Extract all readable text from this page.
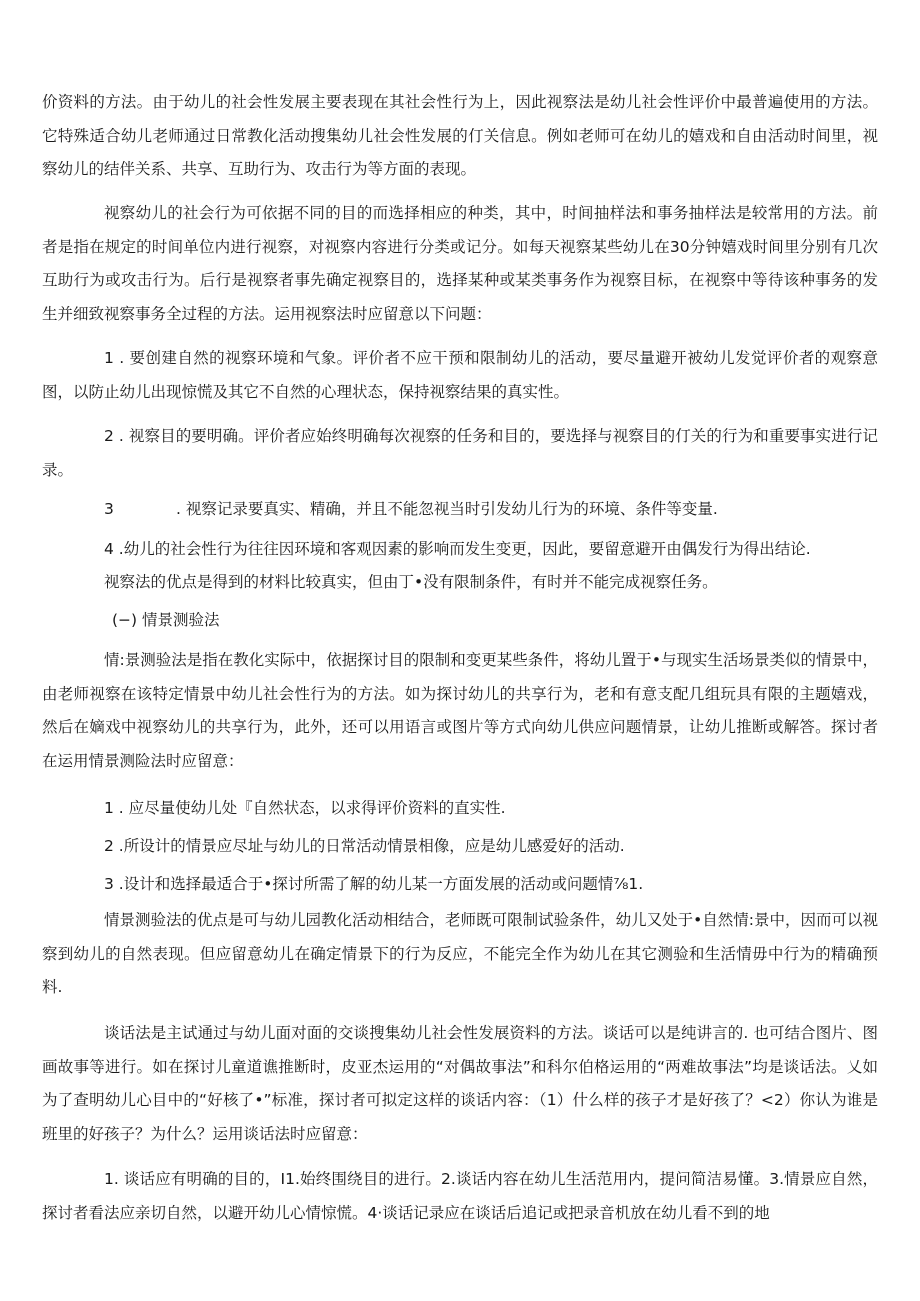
价资料的方法。由于幼儿的社会性发展主要表现在其社会性行为上，因此视察法是幼儿社会性评价中最普遍使用的方法。它特殊适合幼儿老师通过日常教化活动搜集幼儿社会性发展的仃关信息。例如老师可在幼儿的嬉戏和自由活动时间里，视察幼儿的结伴关系、共享、互助行为、攻击行为等方面的表现。

视察幼儿的社会行为可依据不同的目的而选择相应的种类，其中，时间抽样法和事务抽样法是较常用的方法。前者是指在规定的时间单位内进行视察，对视察内容进行分类或记分。如每天视察某些幼儿在30分钟嬉戏时间里分别有几次互助行为或攻击行为。后行是视察者事先确定视察目的，选择某种或某类事务作为视察目标，在视察中等待该种事务的发生并细致视察事务全过程的方法。运用视察法时应留意以下问题：

1 . 要创建自然的视察环境和气象。评价者不应干预和限制幼儿的活动，要尽量避开被幼儿发觉评价者的观察意图，以防止幼儿出现惊慌及其它不自然的心理状态，保持视察结果的真实性。

2 . 视察目的要明确。评价者应始终明确每次视察的任务和目的，要选择与视察目的仃关的行为和重要事实进行记录。

3	. 视察记录要真实、精确，并且不能忽视当时引发幼儿行为的环境、条件等变量.

4 .幼儿的社会性行为往往因环境和客观因素的影响而发生变更，因此，要留意避开由偶发行为得出结论.

视察法的优点是得到的材料比较真实，但由丁•没有限制条件，有时并不能完成视察任务。

(−) 情景测验法

情:景测验法是指在教化实际中，依据探讨目的限制和变更某些条件，将幼儿置于•与现实生活场景类似的情景中，由老师视察在该特定情景中幼儿社会性行为的方法。如为探讨幼儿的共享行为，老和有意支配几组玩具有限的主题嬉戏，然后在嫡戏中视察幼儿的共享行为，此外，还可以用语言或图片等方式向幼儿供应问题情景，让幼儿推断或解答。探讨者在运用情景测险法时应留意：

1 . 应尽量使幼儿处『自然状态，以求得评价资料的直实性.

2 .所设计的情景应尽址与幼儿的日常活动情景相像，应是幼儿感爱好的活动.

3 .设计和选择最适合于•探讨所需了解的幼儿某一方面发展的活动或问题情⅞1.

情景测验法的优点是可与幼儿园教化活动相结合，老师既可限制试验条件，幼儿又处于•自然情:景中，因而可以视察到幼儿的自然表现。但应留意幼儿在确定情景下的行为反应，不能完全作为幼儿在其它测验和生活情毋中行为的精确预料.

谈话法是主试通过与幼儿面对面的交谈搜集幼儿社会性发展资料的方法。谈话可以是纯讲言的. 也可结合图片、图画故事等进行。如在探讨儿童道谯推断时，皮亚杰运用的“对偶故事法”和科尔伯格运用的“两难故事法”均是谈话法。乂如为了查明幼儿心目中的“好核了•”标准，探讨者可拟定这样的谈话内容：（1）什么样的孩子才是好孩了？<2）你认为谁是班里的好孩子？为什么？运用谈话法时应留意：

1. 谈话应有明确的目的，I1.始终围绕目的进行。2.谈话内容在幼儿生活范用内，提问简洁易懂。3.情景应自然，探讨者看法应亲切自然，以避开幼儿心情惊慌。4·谈话记录应在谈话后追记或把录音机放在幼儿看不到的地
